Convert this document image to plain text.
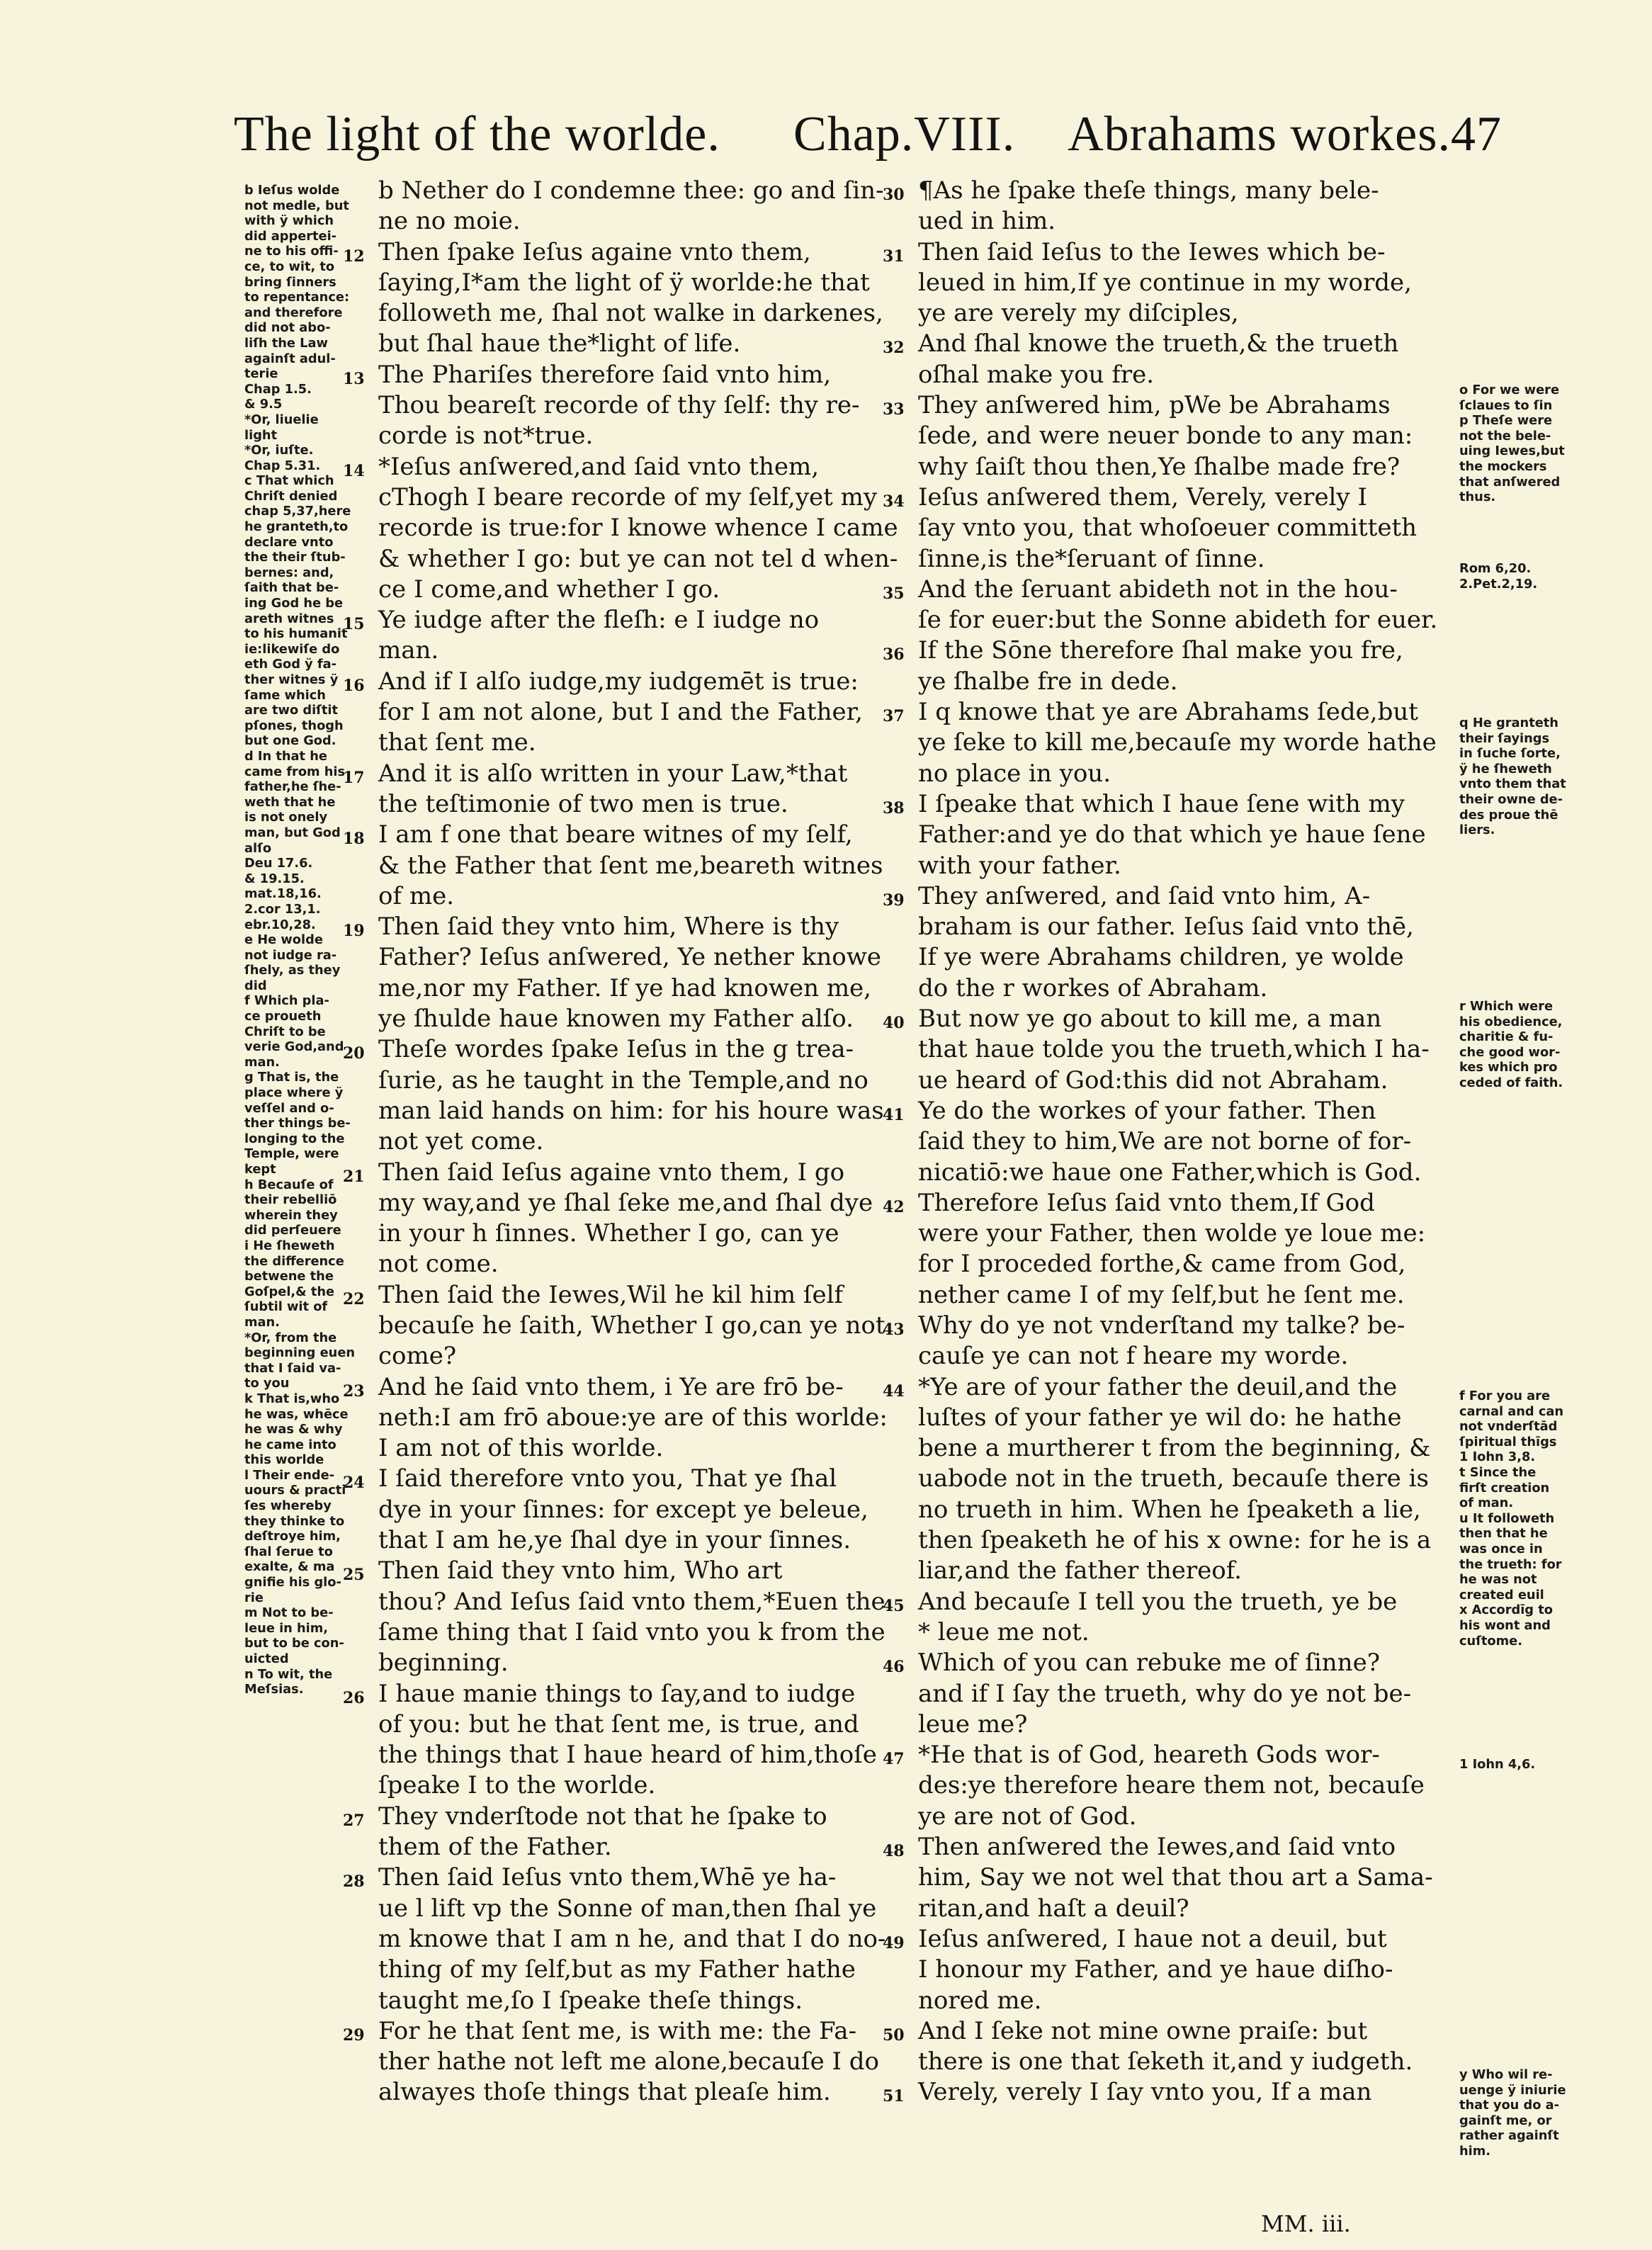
The light of the worlde. Chap.VIII. Abrahams workes.47
b Ieſus wolde
not medle, but
with ÿ which
did appertei-
ne to his offi-
ce, to wit, to
bring ſinners
to repentance:
and therefore
did not abo-
liſh the Law
againſt adul-
terie
Chap 1.5.
& 9.5
*Or, liuelie
light
*Or, iuſte.
Chap 5.31.
c That which
Chriſt denied
chap 5,37,here
he granteth,to
declare vnto
the their ſtub-
bernes: and,
ſaith that be-
ing God he be
areth witnes
to his humanit
ie:likewiſe do
eth God ÿ fa-
ther witnes ÿ
ſame which
are two diſtit
pſones, thogh
but one God.
d In that he
came from his
father,he ſhe-
weth that he
is not onely
man, but God
alſo
Deu 17.6.
& 19.15.
mat.18,16.
2.cor 13,1.
ebr.10,28.
e He wolde
not iudge ra-
ſhely, as they
did
f Which pla-
ce proueth
Chriſt to be
verie God,and
man.
g That is, the
place where ÿ
veſſel and o-
ther things be-
longing to the
Temple, were
kept
h Becauſe of
their rebelliō
wherein they
did perſeuere
i He ſheweth
the difference
betwene the
Goſpel,& the
ſubtil wit of
man.
*Or, from the
beginning euen
that I ſaid va-
to you
k That is,who
he was, whēce
he was & why
he came into
this worlde
l Their ende-
uours & practi
ſes whereby
they thinke to
deſtroye him,
ſhal ſerue to
exalte, & ma
gnifie his glo-
rie
m Not to be-
leue in him,
but to be con-
uicted
n To wit, the
Meſsias.
b Nether do I condemne thee: go and ſin-
ne no moie.
12 Then ſpake Ieſus againe vnto them,
ſaying,I*am the light of ÿ worlde:he that
followeth me, ſhal not walke in darkenes,
but ſhal haue the*light of life.
13 The Phariſes therefore ſaid vnto him,
Thou beareſt recorde of thy ſelf: thy re-
corde is not*true.
14 *Ieſus anſwered,and ſaid vnto them,
cThogh I beare recorde of my ſelf,yet my
recorde is true:for I knowe whence I came
& whether I go: but ye can not tel d when-
ce I come,and whether I go.
15 Ye iudge after the fleſh: e I iudge no
man.
16 And if I alſo iudge,my iudgemēt is true:
for I am not alone, but I and the Father,
that ſent me.
17 And it is alſo written in your Law,*that
the teſtimonie of two men is true.
18 I am f one that beare witnes of my ſelf,
& the Father that ſent me,beareth witnes
of me.
19 Then ſaid they vnto him, Where is thy
Father? Ieſus anſwered, Ye nether knowe
me,nor my Father. If ye had knowen me,
ye ſhulde haue knowen my Father alſo.
20 Theſe wordes ſpake Ieſus in the g trea-
ſurie, as he taught in the Temple,and no
man laid hands on him: for his houre was
not yet come.
21 Then ſaid Ieſus againe vnto them, I go
my way,and ye ſhal ſeke me,and ſhal dye
in your h ſinnes. Whether I go, can ye
not come.
22 Then ſaid the Iewes,Wil he kil him ſelf
becauſe he ſaith, Whether I go,can ye not
come?
23 And he ſaid vnto them, i Ye are frō be-
neth:I am frō aboue:ye are of this worlde:
I am not of this worlde.
24 I ſaid therefore vnto you, That ye ſhal
dye in your ſinnes: for except ye beleue,
that I am he,ye ſhal dye in your ſinnes.
25 Then ſaid they vnto him, Who art
thou? And Ieſus ſaid vnto them,*Euen the
ſame thing that I ſaid vnto you k from the
beginning.
26 I haue manie things to ſay,and to iudge
of you: but he that ſent me, is true, and
the things that I haue heard of him,thoſe
ſpeake I to the worlde.
27 They vnderſtode not that he ſpake to
them of the Father.
28 Then ſaid Ieſus vnto them,Whē ye ha-
ue l lift vp the Sonne of man,then ſhal ye
m knowe that I am n he, and that I do no-
thing of my ſelf,but as my Father hathe
taught me,ſo I ſpeake theſe things.
29 For he that ſent me, is with me: the Fa-
ther hathe not left me alone,becauſe I do
alwayes thoſe things that pleaſe him.
30 ¶As he ſpake theſe things, many bele-
ued in him.
31 Then ſaid Ieſus to the Iewes which be-
leued in him,If ye continue in my worde,
ye are verely my diſciples,
32 And ſhal knowe the trueth,& the trueth
oſhal make you fre.
33 They anſwered him, pWe be Abrahams
ſede, and were neuer bonde to any man:
why ſaiſt thou then,Ye ſhalbe made fre?
34 Ieſus anſwered them, Verely, verely I
ſay vnto you, that whoſoeuer committeth
ſinne,is the*ſeruant of ſinne.
35 And the ſeruant abideth not in the hou-
ſe for euer:but the Sonne abideth for euer.
36 If the Sōne therefore ſhal make you fre,
ye ſhalbe fre in dede.
37 I q knowe that ye are Abrahams ſede,but
ye ſeke to kill me,becauſe my worde hathe
no place in you.
38 I ſpeake that which I haue ſene with my
Father:and ye do that which ye haue ſene
with your father.
39 They anſwered, and ſaid vnto him, A-
braham is our father. Ieſus ſaid vnto thē,
If ye were Abrahams children, ye wolde
do the r workes of Abraham.
40 But now ye go about to kill me, a man
that haue tolde you the trueth,which I ha-
ue heard of God:this did not Abraham.
41 Ye do the workes of your father. Then
ſaid they to him,We are not borne of for-
nicatiō:we haue one Father,which is God.
42 Therefore Ieſus ſaid vnto them,If God
were your Father, then wolde ye loue me:
for I proceded forthe,& came from God,
nether came I of my ſelf,but he ſent me.
43 Why do ye not vnderſtand my talke? be-
cauſe ye can not f heare my worde.
44 *Ye are of your father the deuil,and the
luſtes of your father ye wil do: he hathe
bene a murtherer t from the beginning, &
uabode not in the trueth, becauſe there is
no trueth in him. When he ſpeaketh a lie,
then ſpeaketh he of his x owne: for he is a
liar,and the father thereof.
45 And becauſe I tell you the trueth, ye be
* leue me not.
46 Which of you can rebuke me of ſinne?
and if I ſay the trueth, why do ye not be-
leue me?
47 *He that is of God, heareth Gods wor-
des:ye therefore heare them not, becauſe
ye are not of God.
48 Then anſwered the Iewes,and ſaid vnto
him, Say we not wel that thou art a Sama-
ritan,and haſt a deuil?
49 Ieſus anſwered, I haue not a deuil, but
I honour my Father, and ye haue diſho-
nored me.
50 And I ſeke not mine owne praiſe: but
there is one that ſeketh it,and y iudgeth.
51 Verely, verely I ſay vnto you, If a man
o For we were
ſclaues to ſin
p Theſe were
not the bele-
uing Iewes,but
the mockers
that anſwered
thus.
Rom 6,20.
2.Pet.2,19.
q He granteth
their ſayings
in ſuche ſorte,
ÿ he ſheweth
vnto them that
their owne de-
des proue thē
liers.
r Which were
his obedience,
charitie & fu-
che good wor-
kes which pro
ceded of faith.
f For you are
carnal and can
not vnderſtād
ſpiritual thīgs
1 Iohn 3,8.
t Since the
firſt creation
of man.
u It followeth
then that he
was once in
the trueth: for
he was not
created euil
x Accordīg to
his wont and
cuſtome.
1 Iohn 4,6.
y Who wil re-
uenge ÿ iniurie
that you do a-
gainſt me, or
rather againſt
him.
MM. iii.
